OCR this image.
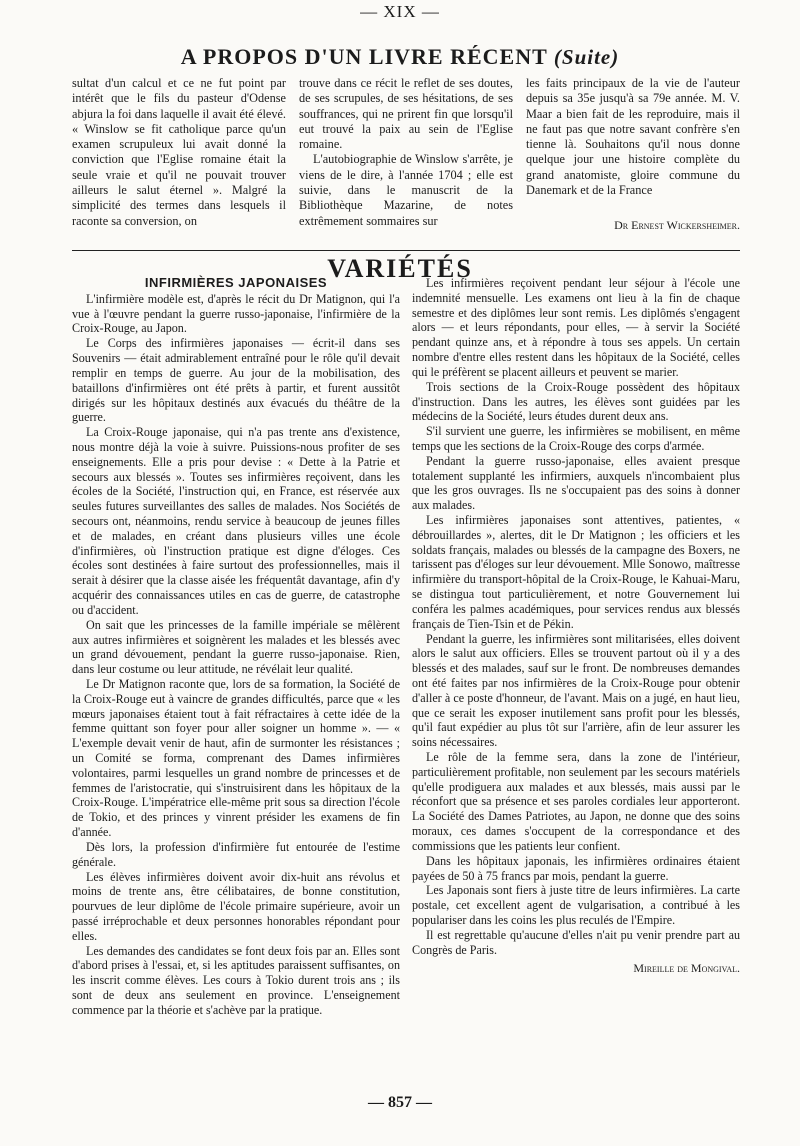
— XIX —
A PROPOS D'UN LIVRE RÉCENT (Suite)

sultat d'un calcul et ce ne fut point par intérêt que le fils du pasteur d'Odense abjura la foi dans laquelle il avait été élevé. « Winslow se fit catholique parce qu'un examen scrupuleux lui avait donné la conviction que l'Eglise romaine était la seule vraie et qu'il ne pouvait trouver ailleurs le salut éternel ». Malgré la simplicité des termes dans lesquels il raconte sa conversion, on

trouve dans ce récit le reflet de ses doutes, de ses scrupules, de ses hésitations, de ses souffrances, qui ne prirent fin que lorsqu'il eut trouvé la paix au sein de l'Eglise romaine.

L'autobiographie de Winslow s'arrête, je viens de le dire, à l'année 1704 ; elle est suivie, dans le manuscrit de la Bibliothèque Mazarine, de notes extrêmement sommaires sur

les faits principaux de la vie de l'auteur depuis sa 35e jusqu'à sa 79e année. M. V. Maar a bien fait de les reproduire, mais il ne faut pas que notre savant confrère s'en tienne là. Souhaitons qu'il nous donne quelque jour une histoire complète du grand anatomiste, gloire commune du Danemark et de la France

Dr Ernest Wickersheimer.
VARIÉTÉS
INFIRMIÈRES JAPONAISES

L'infirmière modèle est, d'après le récit du Dr Matignon, qui l'a vue à l'œuvre pendant la guerre russo-japonaise, l'infirmière de la Croix-Rouge, au Japon.

Le Corps des infirmières japonaises — écrit-il dans ses Souvenirs — était admirablement entraîné pour le rôle qu'il devait remplir en temps de guerre. Au jour de la mobilisation, des bataillons d'infirmières ont été prêts à partir, et furent aussitôt dirigés sur les hôpitaux destinés aux évacués du théâtre de la guerre.

La Croix-Rouge japonaise, qui n'a pas trente ans d'existence, nous montre déjà la voie à suivre. Puissions-nous profiter de ses enseignements. Elle a pris pour devise : « Dette à la Patrie et secours aux blessés ». Toutes ses infirmières reçoivent, dans les écoles de la Société, l'instruction qui, en France, est réservée aux seules futures surveillantes des salles de malades. Nos Sociétés de secours ont, néanmoins, rendu service à beaucoup de jeunes filles et de malades, en créant dans plusieurs villes une école d'infirmières, où l'instruction pratique est digne d'éloges. Ces écoles sont destinées à faire surtout des professionnelles, mais il serait à désirer que la classe aisée les fréquentât davantage, afin d'y acquérir des connaissances utiles en cas de guerre, de catastrophe ou d'accident.

On sait que les princesses de la famille impériale se mêlèrent aux autres infirmières et soignèrent les malades et les blessés avec un grand dévouement, pendant la guerre russo-japonaise. Rien, dans leur costume ou leur attitude, ne révélait leur qualité.

Le Dr Matignon raconte que, lors de sa formation, la Société de la Croix-Rouge eut à vaincre de grandes difficultés, parce que « les mœurs japonaises étaient tout à fait réfractaires à cette idée de la femme quittant son foyer pour aller soigner un homme ». — « L'exemple devait venir de haut, afin de surmonter les résistances ; un Comité se forma, comprenant des Dames infirmières volontaires, parmi lesquelles un grand nombre de princesses et de femmes de l'aristocratie, qui s'instruisirent dans les hôpitaux de la Croix-Rouge. L'impératrice elle-même prit sous sa direction l'école de Tokio, et des princes y vinrent présider les examens de fin d'année.

Dès lors, la profession d'infirmière fut entourée de l'estime générale.

Les élèves infirmières doivent avoir dix-huit ans révolus et moins de trente ans, être célibataires, de bonne constitution, pourvues de leur diplôme de l'école primaire supérieure, avoir un passé irréprochable et deux personnes honorables répondant pour elles.

Les demandes des candidates se font deux fois par an. Elles sont d'abord prises à l'essai, et, si les aptitudes paraissent suffisantes, on les inscrit comme élèves. Les cours à Tokio durent trois ans ; ils sont de deux ans seulement en province. L'enseignement commence par la théorie et s'achève par la pratique.

Les infirmières reçoivent pendant leur séjour à l'école une indemnité mensuelle. Les examens ont lieu à la fin de chaque semestre et des diplômes leur sont remis. Les diplômés s'engagent alors — et leurs répondants, pour elles, — à servir la Société pendant quinze ans, et à répondre à tous ses appels. Un certain nombre d'entre elles restent dans les hôpitaux de la Société, celles qui le préfèrent se placent ailleurs et peuvent se marier.

Trois sections de la Croix-Rouge possèdent des hôpitaux d'instruction. Dans les autres, les élèves sont guidées par les médecins de la Société, leurs études durent deux ans.

S'il survient une guerre, les infirmières se mobilisent, en même temps que les sections de la Croix-Rouge des corps d'armée.

Pendant la guerre russo-japonaise, elles avaient presque totalement supplanté les infirmiers, auxquels n'incombaient plus que les gros ouvrages. Ils ne s'occupaient pas des soins à donner aux malades.

Les infirmières japonaises sont attentives, patientes, « débrouillardes », alertes, dit le Dr Matignon ; les officiers et les soldats français, malades ou blessés de la campagne des Boxers, ne tarissent pas d'éloges sur leur dévouement. Mlle Sonowo, maîtresse infirmière du transport-hôpital de la Croix-Rouge, le Kahuai-Maru, se distingua tout particulièrement, et notre Gouvernement lui conféra les palmes académiques, pour services rendus aux blessés français de Tien-Tsin et de Pékin.

Pendant la guerre, les infirmières sont militarisées, elles doivent alors le salut aux officiers. Elles se trouvent partout où il y a des blessés et des malades, sauf sur le front. De nombreuses demandes ont été faites par nos infirmières de la Croix-Rouge pour obtenir d'aller à ce poste d'honneur, de l'avant. Mais on a jugé, en haut lieu, que ce serait les exposer inutilement sans profit pour les blessés, qu'il faut expédier au plus tôt sur l'arrière, afin de leur assurer les soins nécessaires.

Le rôle de la femme sera, dans la zone de l'intérieur, particulièrement profitable, non seulement par les secours matériels qu'elle prodiguera aux malades et aux blessés, mais aussi par le réconfort que sa présence et ses paroles cordiales leur apporteront. La Société des Dames Patriotes, au Japon, ne donne que des soins moraux, ces dames s'occupent de la correspondance et des commissions que les patients leur confient.

Dans les hôpitaux japonais, les infirmières ordinaires étaient payées de 50 à 75 francs par mois, pendant la guerre.

Les Japonais sont fiers à juste titre de leurs infirmières. La carte postale, cet excellent agent de vulgarisation, a contribué à les populariser dans les coins les plus reculés de l'Empire.

Il est regrettable qu'aucune d'elles n'ait pu venir prendre part au Congrès de Paris.

Mireille de Mongival.
— 857 —
